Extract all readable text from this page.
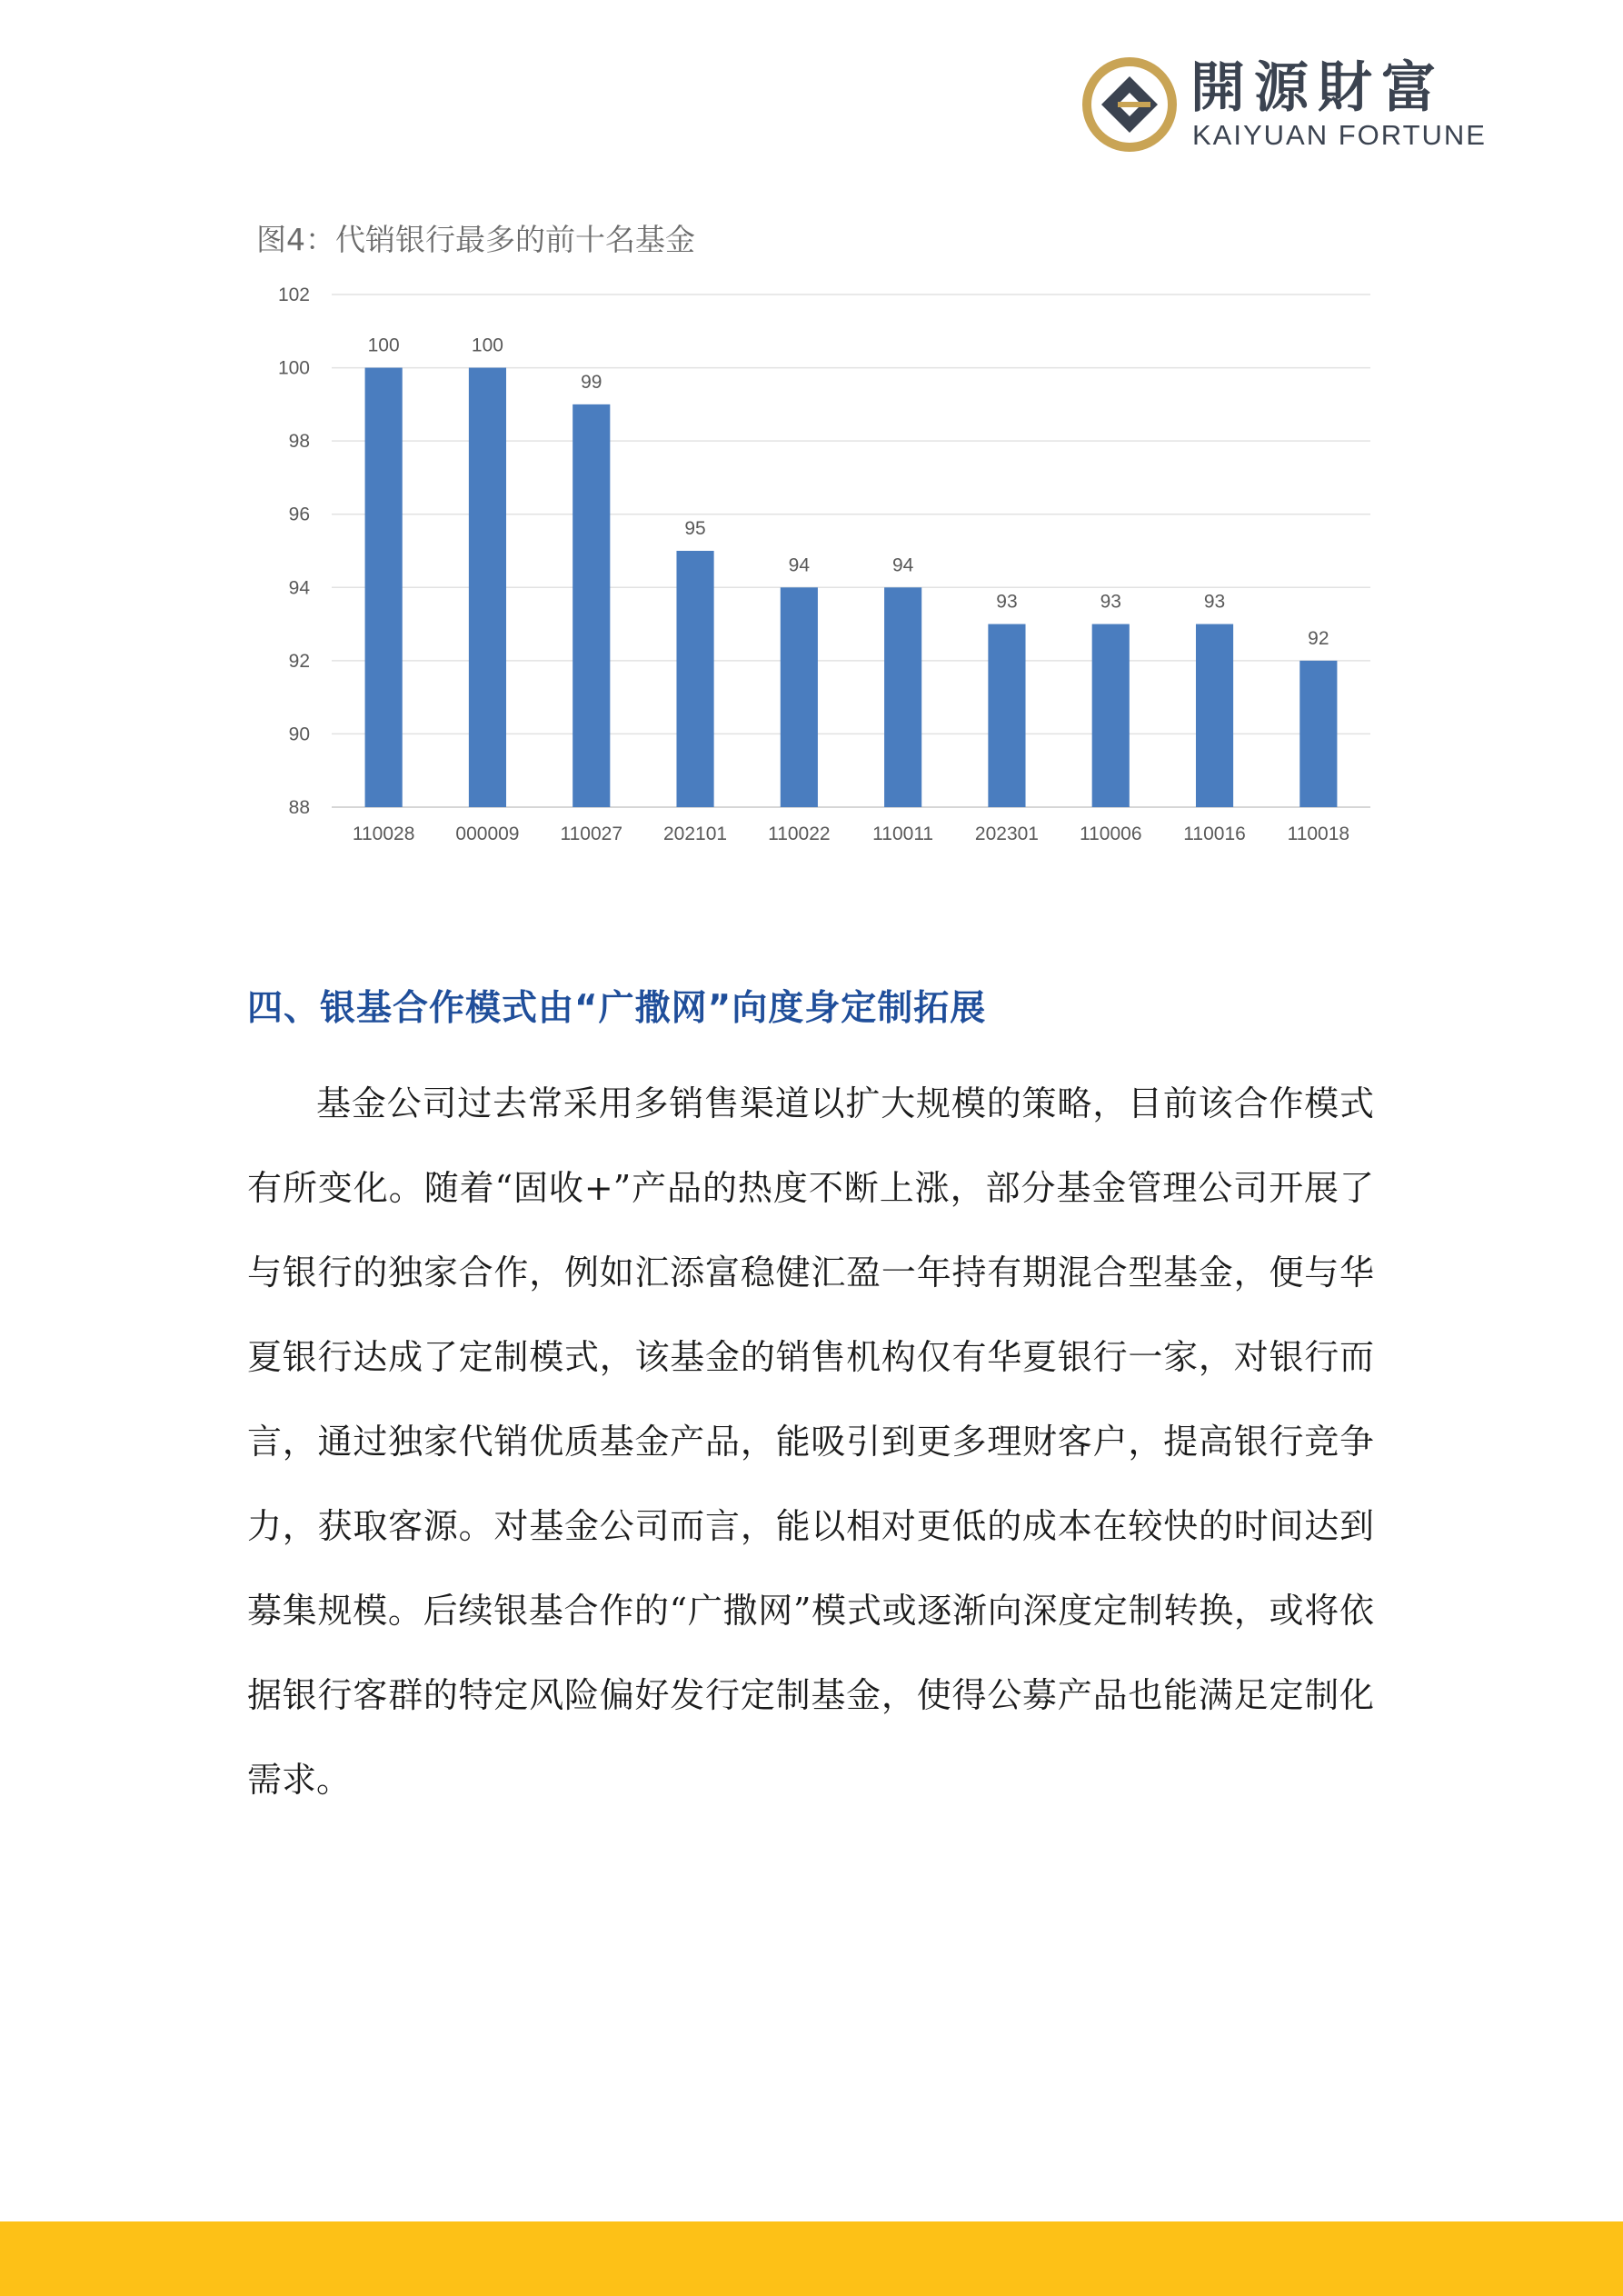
開源財富
KAIYUAN FORTUNE
图4：代销银行最多的前十名基金
88
90
92
94
96
98
100
102
100	100
99
95
94	94
93	93	93
92
110028 000009 110027 202101 110022 110011 202301 110006 110016 110018
四、银基合作模式由“广撒网”向度身定制拓展

基金公司过去常采用多销售渠道以扩大规模的策略，目前该合作模式有所变化。随着“固收+”产品的热度不断上涨，部分基金管理公司开展了与银行的独家合作，例如汇添富稳健汇盈一年持有期混合型基金，便与华夏银行达成了定制模式，该基金的销售机构仅有华夏银行一家，对银行而言，通过独家代销优质基金产品，能吸引到更多理财客户，提高银行竞争力，获取客源。对基金公司而言，能以相对更低的成本在较快的时间达到募集规模。后续银基合作的“广撒网”模式或逐渐向深度定制转换，或将依据银行客群的特定风险偏好发行定制基金，使得公募产品也能满足定制化需求。
